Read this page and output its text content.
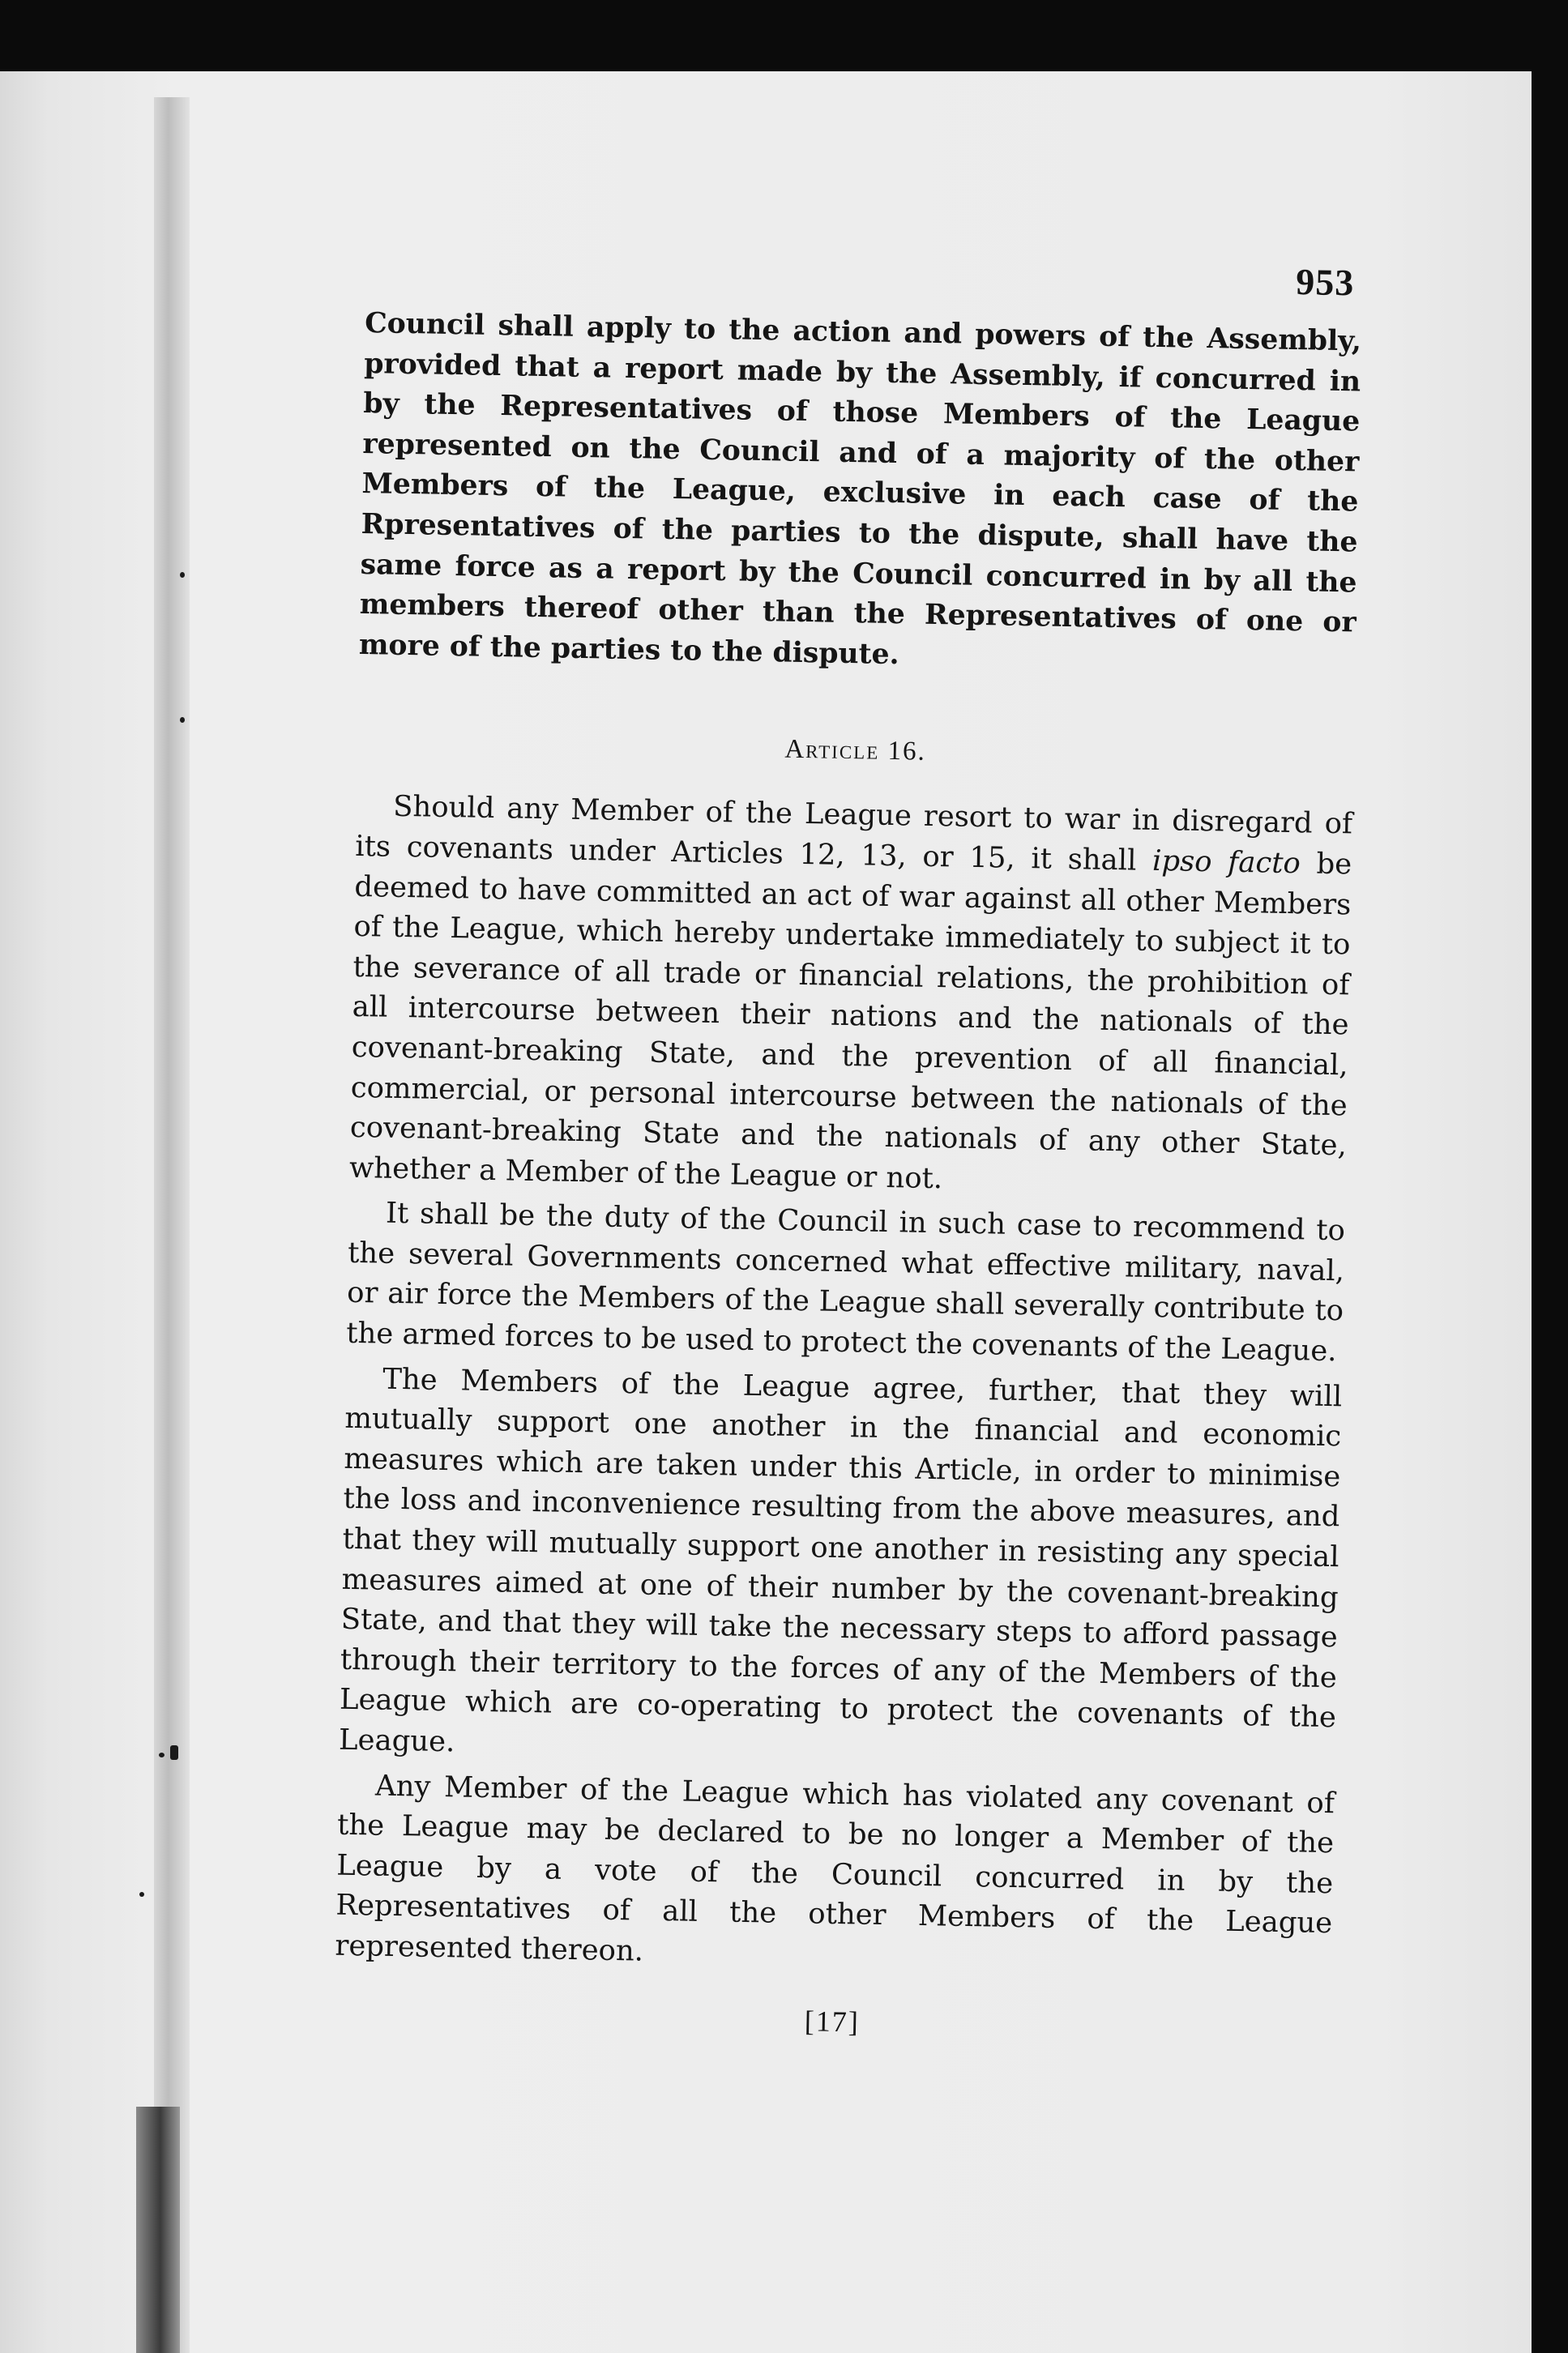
953

Council shall apply to the action and powers of the Assembly, provided that a report made by the Assembly, if concurred in by the Representatives of those Members of the League represented on the Council and of a majority of the other Members of the League, exclusive in each case of the Rpresentatives of the parties to the dispute, shall have the same force as a report by the Council concurred in by all the members thereof other than the Representatives of one or more of the parties to the dispute.

Article 16.

Should any Member of the League resort to war in disregard of its covenants under Articles 12, 13, or 15, it shall ipso facto be deemed to have committed an act of war against all other Members of the League, which hereby undertake immediately to subject it to the severance of all trade or financial relations, the prohibition of all intercourse between their nations and the nationals of the covenant-breaking State, and the prevention of all financial, commercial, or personal intercourse between the nationals of the covenant-breaking State and the nationals of any other State, whether a Member of the League or not.

It shall be the duty of the Council in such case to recommend to the several Governments concerned what effective military, naval, or air force the Members of the League shall severally contribute to the armed forces to be used to protect the covenants of the League.

The Members of the League agree, further, that they will mutually support one another in the financial and economic measures which are taken under this Article, in order to minimise the loss and inconvenience resulting from the above measures, and that they will mutually support one another in resisting any special measures aimed at one of their number by the covenant-breaking State, and that they will take the necessary steps to afford passage through their territory to the forces of any of the Members of the League which are co-operating to protect the covenants of the League.

Any Member of the League which has violated any covenant of the League may be declared to be no longer a Member of the League by a vote of the Council concurred in by the Representatives of all the other Members of the League represented thereon.

[17]
